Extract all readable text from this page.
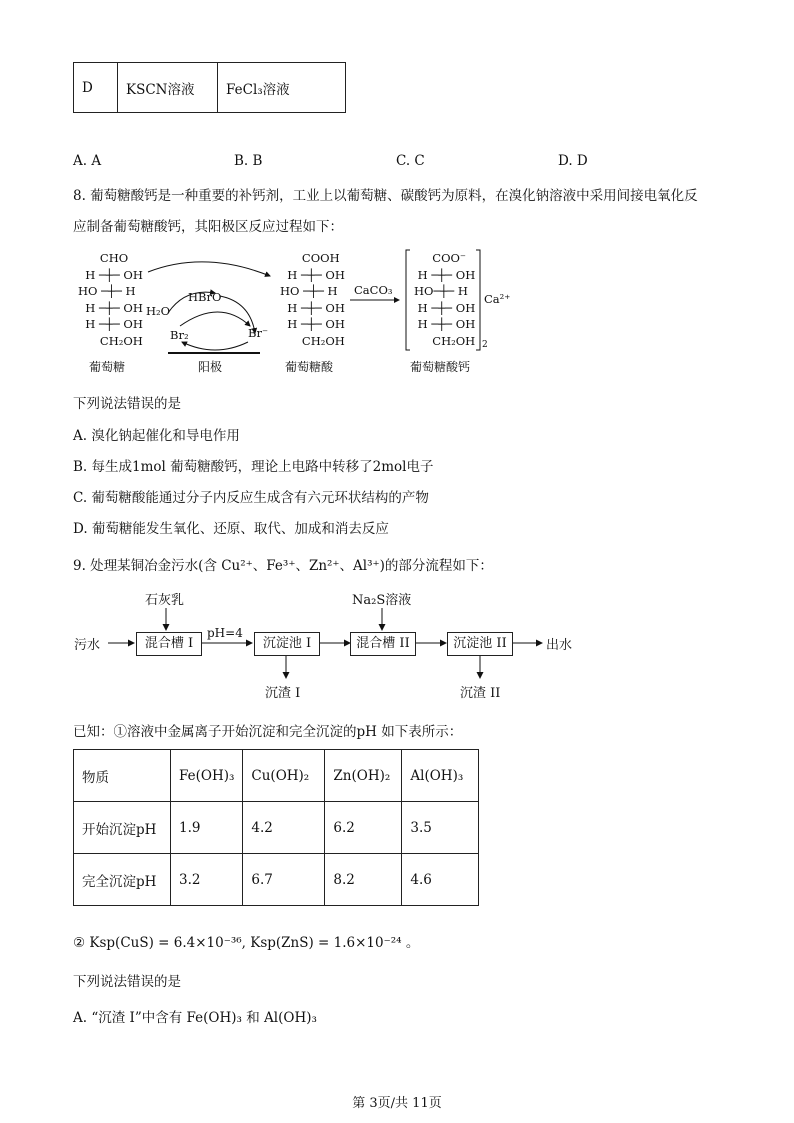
D	KSCN溶液	FeCl₃溶液
A. A	B. B	C. C	D. D
8. 葡萄糖酸钙是一种重要的补钙剂，工业上以葡萄糖、碳酸钙为原料，在溴化钠溶液中采用间接电氧化反
应制备葡萄糖酸钙，其阳极区反应过程如下：
CHO
H ─┼─ OH
HO ─┼─ H
H ─┼─ OH
H ─┼─ OH
CH₂OH
葡萄糖
HBrO
H₂O
Br₂	Br⁻
阳极
COOH
H ─┼─ OH
HO ─┼─ H
H ─┼─ OH
H ─┼─ OH
CH₂OH
葡萄糖酸
CaCO₃
COO⁻
H ─┼─ OH
HO─┼─ H
H ─┼─ OH
H ─┼─ OH
CH₂OH 2
Ca²⁺
葡萄糖酸钙
下列说法错误的是
A. 溴化钠起催化和导电作用
B. 每生成1mol 葡萄糖酸钙，理论上电路中转移了2mol电子
C. 葡萄糖酸能通过分子内反应生成含有六元环状结构的产物
D. 葡萄糖能发生氧化、还原、取代、加成和消去反应
9. 处理某铜冶金污水(含 Cu²⁺、Fe³⁺、Zn²⁺、Al³⁺)的部分流程如下：
污水
石灰乳
混合槽 I
pH=4
沉淀池 I
Na₂S溶液
混合槽 II	沉淀池 II	出水
沉渣 I	沉渣 II
已知：①溶液中金属离子开始沉淀和完全沉淀的pH 如下表所示：
物质	Fe(OH)₃	Cu(OH)₂	Zn(OH)₂	Al(OH)₃
开始沉淀pH	1.9	4.2	6.2	3.5
完全沉淀pH	3.2	6.7	8.2	4.6
② Ksp(CuS) = 6.4×10⁻³⁶, Ksp(ZnS) = 1.6×10⁻²⁴ 。
下列说法错误的是
A. “沉渣 I”中含有 Fe(OH)₃ 和 Al(OH)₃
第 3页/共 11页
